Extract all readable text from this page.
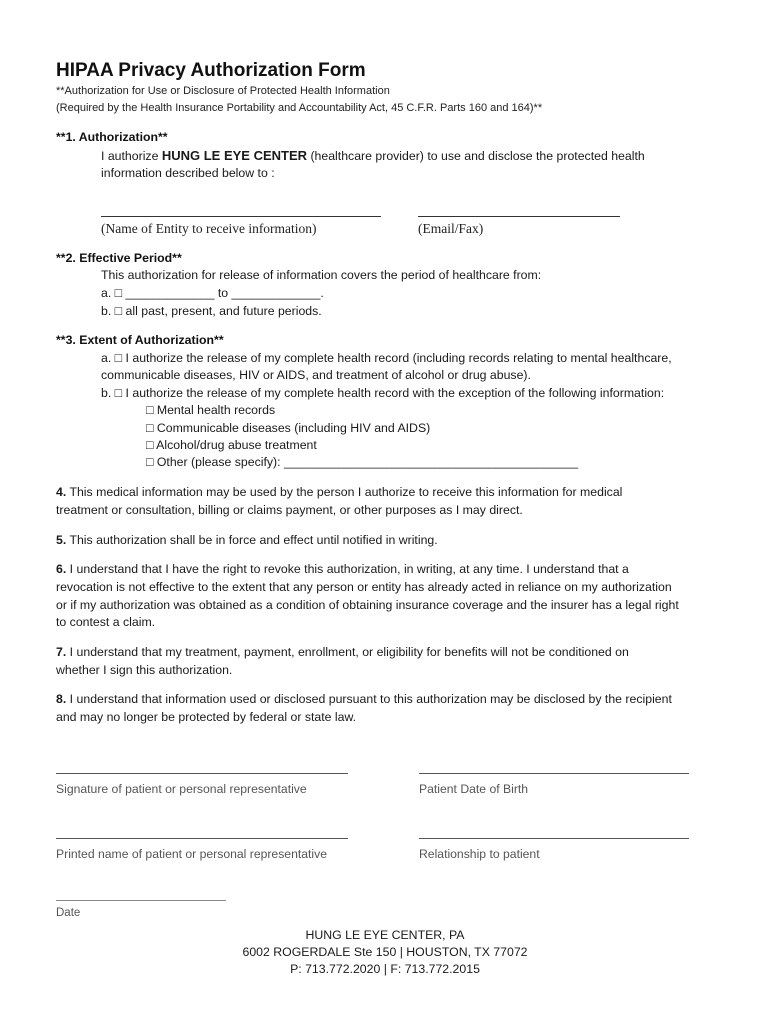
HIPAA Privacy Authorization Form
**Authorization for Use or Disclosure of Protected Health Information
(Required by the Health Insurance Portability and Accountability Act, 45 C.F.R. Parts 160 and 164)**
**1. Authorization**
I authorize HUNG LE EYE CENTER (healthcare provider) to use and disclose the protected health
information described below to :
(Name of Entity to receive information)	(Email/Fax)
**2. Effective Period**
This authorization for release of information covers the period of healthcare from:
a. □ _____________ to _____________.
b. □ all past, present, and future periods.
**3. Extent of Authorization**
a. □ I authorize the release of my complete health record (including records relating to mental healthcare,
communicable diseases, HIV or AIDS, and treatment of alcohol or drug abuse).
b. □ I authorize the release of my complete health record with the exception of the following information:
□ Mental health records
□ Communicable diseases (including HIV and AIDS)
□ Alcohol/drug abuse treatment
□ Other (please specify): ___________________________________________
4. This medical information may be used by the person I authorize to receive this information for medical
treatment or consultation, billing or claims payment, or other purposes as I may direct.
5. This authorization shall be in force and effect until notified in writing.
6. I understand that I have the right to revoke this authorization, in writing, at any time. I understand that a
revocation is not effective to the extent that any person or entity has already acted in reliance on my authorization
or if my authorization was obtained as a condition of obtaining insurance coverage and the insurer has a legal right
to contest a claim.
7. I understand that my treatment, payment, enrollment, or eligibility for benefits will not be conditioned on
whether I sign this authorization.
8. I understand that information used or disclosed pursuant to this authorization may be disclosed by the recipient
and may no longer be protected by federal or state law.
Signature of patient or personal representative	Patient Date of Birth
Printed name of patient or personal representative	Relationship to patient
Date
HUNG LE EYE CENTER, PA
6002 ROGERDALE Ste 150 | HOUSTON, TX 77072
P: 713.772.2020 | F: 713.772.2015
